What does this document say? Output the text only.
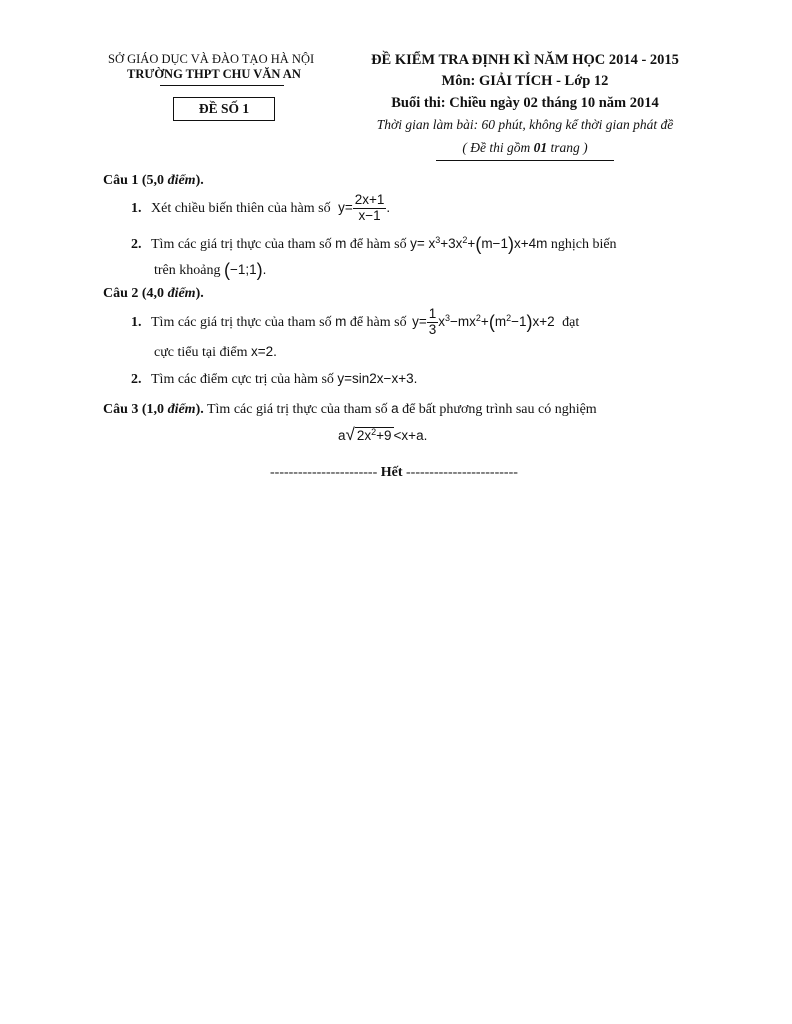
SỞ GIÁO DỤC VÀ ĐÀO TẠO HÀ NỘI
TRƯỜNG THPT CHU VĂN AN
ĐỀ SỐ 1
ĐỀ KIỂM TRA ĐỊNH KÌ NĂM HỌC 2014 - 2015
Môn: GIẢI TÍCH - Lớp 12
Buổi thi: Chiều ngày 02 tháng 10 năm 2014
Thời gian làm bài: 60 phút, không kể thời gian phát đề
( Đề thi gồm 01 trang )
Câu 1 (5,0 điểm).
1. Xét chiều biến thiên của hàm số $y= \frac{2x+1}{x-1}$ .
2. Tìm các giá trị thực của tham số m để hàm số $y= x^3+3x^2+(m-1)x+4m$ nghịch biến
trên khoảng (−1;1).
Câu 2 (4,0 điểm).
1. Tìm các giá trị thực của tham số m để hàm số $y= \frac{1}{3} x^3-mx^2+(m^2-1)x+2$ đạt
cực tiểu tại điểm x=2.
2. Tìm các điểm cực trị của hàm số y=sin2x−x+3.
Câu 3 (1,0 điểm). Tìm các giá trị thực của tham số a để bất phương trình sau có nghiệm
a√ $2x^2+9 <x+a$.
----------------------- Hết ------------------------
